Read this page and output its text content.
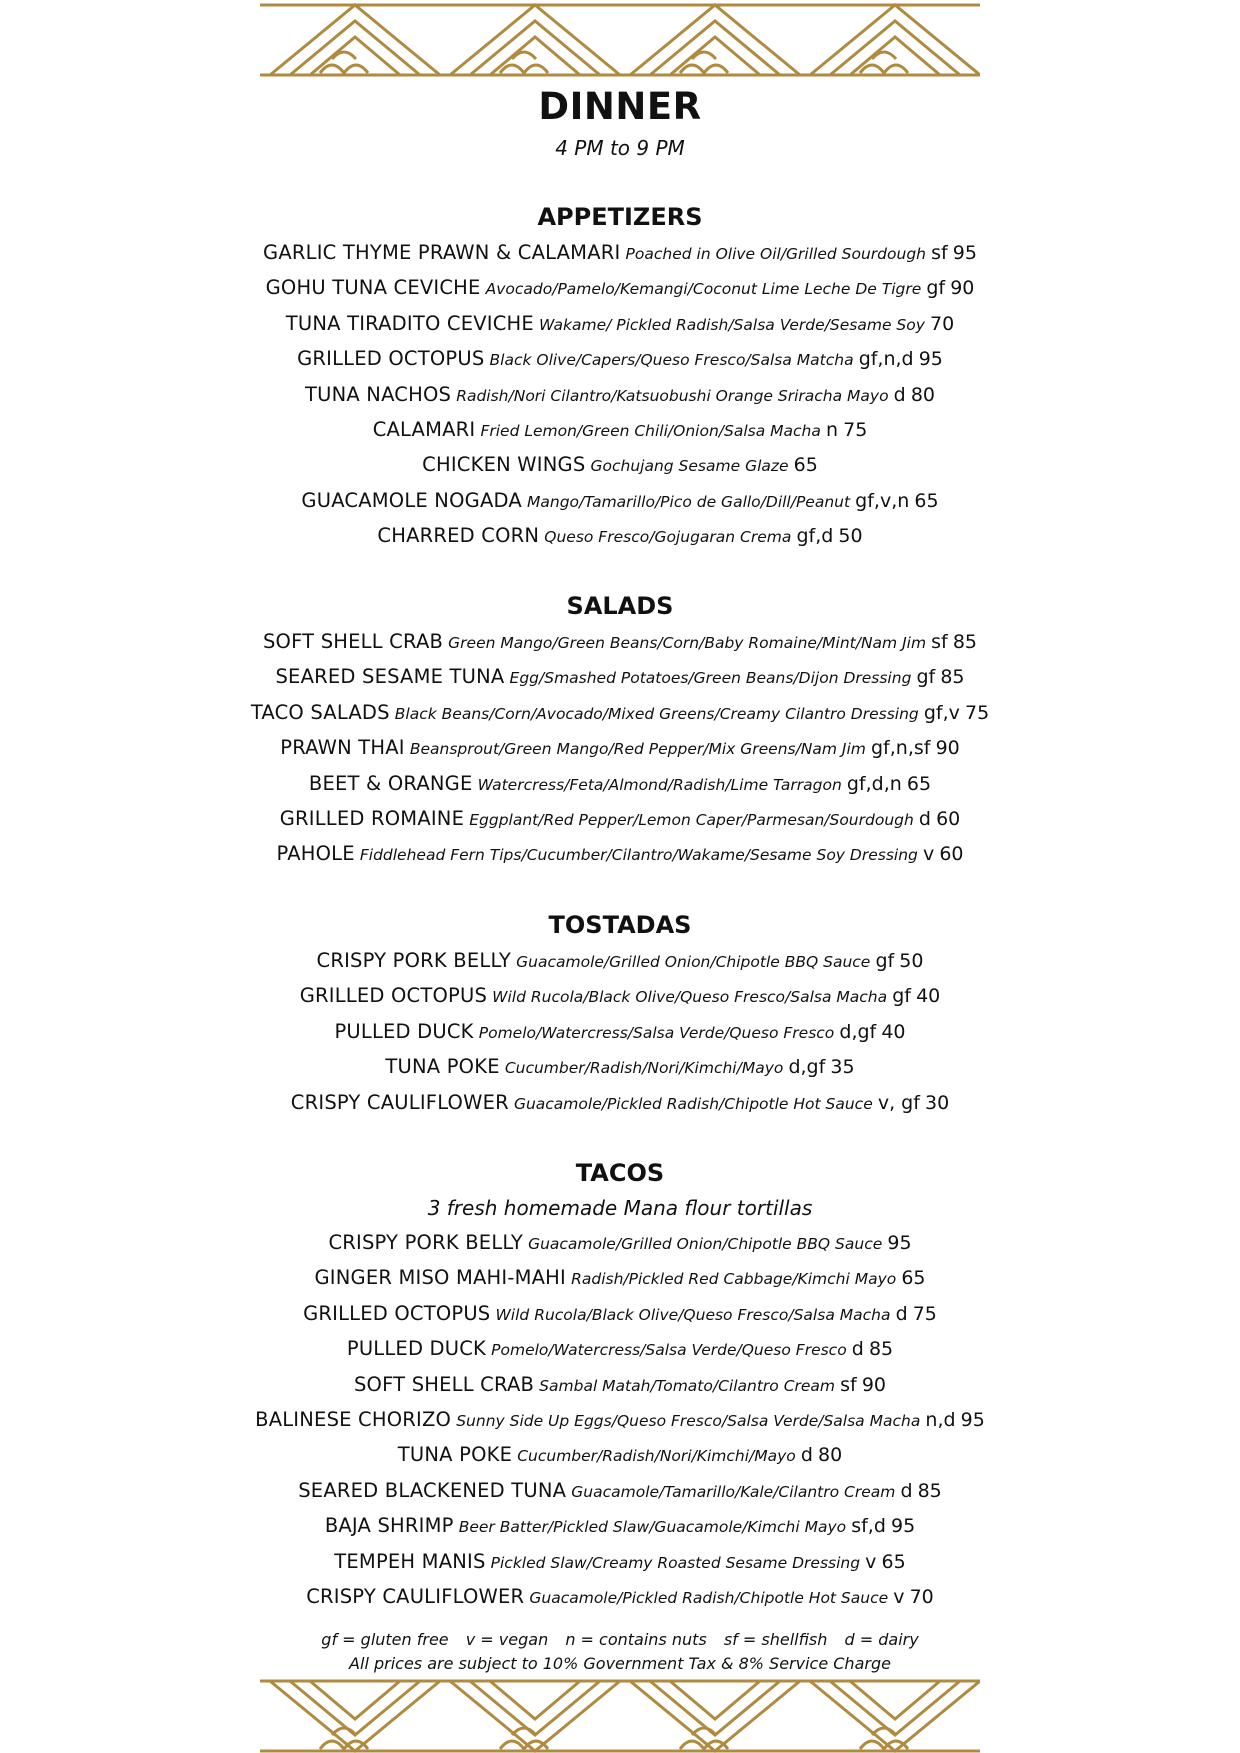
DINNER
4 PM to 9 PM
APPETIZERS
GARLIC THYME PRAWN & CALAMARI Poached in Olive Oil/Grilled Sourdough sf 95
GOHU TUNA CEVICHE Avocado/Pamelo/Kemangi/Coconut Lime Leche De Tigre gf 90
TUNA TIRADITO CEVICHE Wakame/ Pickled Radish/Salsa Verde/Sesame Soy 70
GRILLED OCTOPUS Black Olive/Capers/Queso Fresco/Salsa Matcha gf,n,d 95
TUNA NACHOS Radish/Nori Cilantro/Katsuobushi Orange Sriracha Mayo d 80
CALAMARI Fried Lemon/Green Chili/Onion/Salsa Macha n 75
CHICKEN WINGS Gochujang Sesame Glaze 65
GUACAMOLE NOGADA Mango/Tamarillo/Pico de Gallo/Dill/Peanut gf,v,n 65
CHARRED CORN Queso Fresco/Gojugaran Crema gf,d 50
SALADS
SOFT SHELL CRAB Green Mango/Green Beans/Corn/Baby Romaine/Mint/Nam Jim sf 85
SEARED SESAME TUNA Egg/Smashed Potatoes/Green Beans/Dijon Dressing gf 85
TACO SALADS Black Beans/Corn/Avocado/Mixed Greens/Creamy Cilantro Dressing gf,v 75
PRAWN THAI Beansprout/Green Mango/Red Pepper/Mix Greens/Nam Jim gf,n,sf 90
BEET & ORANGE Watercress/Feta/Almond/Radish/Lime Tarragon gf,d,n 65
GRILLED ROMAINE Eggplant/Red Pepper/Lemon Caper/Parmesan/Sourdough d 60
PAHOLE Fiddlehead Fern Tips/Cucumber/Cilantro/Wakame/Sesame Soy Dressing v 60
TOSTADAS
CRISPY PORK BELLY Guacamole/Grilled Onion/Chipotle BBQ Sauce gf 50
GRILLED OCTOPUS Wild Rucola/Black Olive/Queso Fresco/Salsa Macha gf 40
PULLED DUCK Pomelo/Watercress/Salsa Verde/Queso Fresco d,gf 40
TUNA POKE Cucumber/Radish/Nori/Kimchi/Mayo d,gf 35
CRISPY CAULIFLOWER Guacamole/Pickled Radish/Chipotle Hot Sauce v, gf 30
TACOS
3 fresh homemade Mana flour tortillas
CRISPY PORK BELLY Guacamole/Grilled Onion/Chipotle BBQ Sauce 95
GINGER MISO MAHI-MAHI Radish/Pickled Red Cabbage/Kimchi Mayo 65
GRILLED OCTOPUS Wild Rucola/Black Olive/Queso Fresco/Salsa Macha d 75
PULLED DUCK Pomelo/Watercress/Salsa Verde/Queso Fresco d 85
SOFT SHELL CRAB Sambal Matah/Tomato/Cilantro Cream sf 90
BALINESE CHORIZO Sunny Side Up Eggs/Queso Fresco/Salsa Verde/Salsa Macha n,d 95
TUNA POKE Cucumber/Radish/Nori/Kimchi/Mayo d 80
SEARED BLACKENED TUNA Guacamole/Tamarillo/Kale/Cilantro Cream d 85
BAJA SHRIMP Beer Batter/Pickled Slaw/Guacamole/Kimchi Mayo sf,d 95
TEMPEH MANIS Pickled Slaw/Creamy Roasted Sesame Dressing v 65
CRISPY CAULIFLOWER Guacamole/Pickled Radish/Chipotle Hot Sauce v 70
gf = gluten free v = vegan n = contains nuts sf = shellfish d = dairy
All prices are subject to 10% Government Tax & 8% Service Charge
